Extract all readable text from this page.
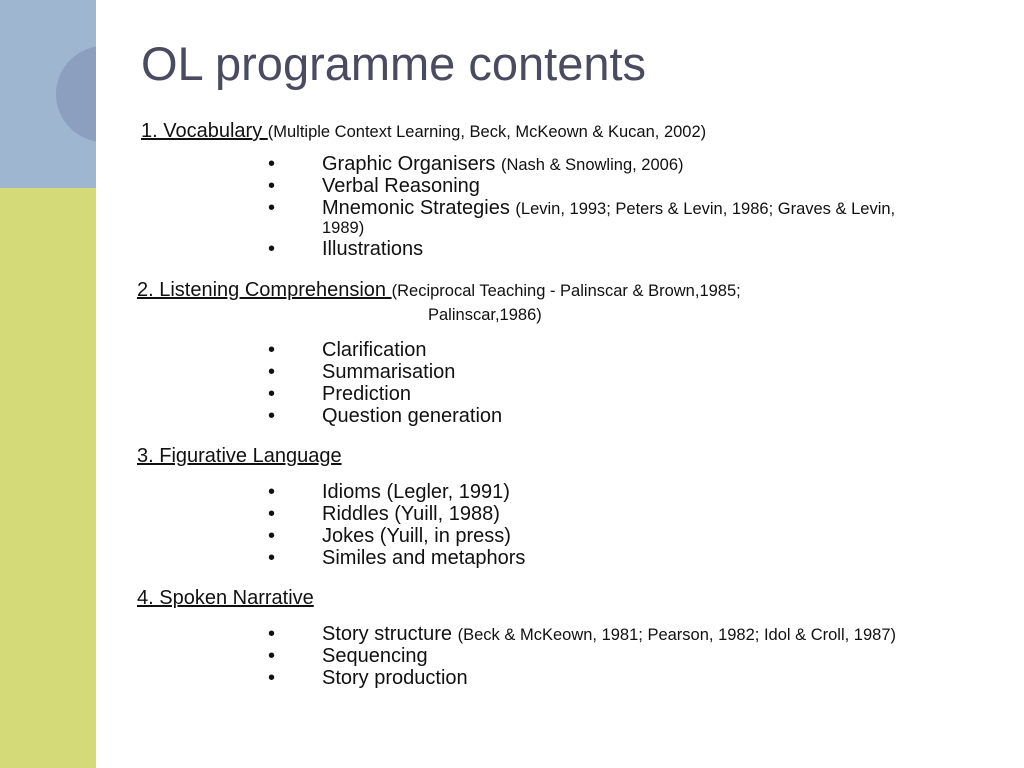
OL programme contents
1. Vocabulary (Multiple Context Learning, Beck, McKeown & Kucan, 2002)
•	Graphic Organisers (Nash & Snowling, 2006)
•	Verbal Reasoning
•	Mnemonic Strategies (Levin, 1993; Peters & Levin, 1986; Graves & Levin,
1989)
•	Illustrations
2. Listening Comprehension (Reciprocal Teaching - Palinscar & Brown,1985;
Palinscar,1986)
•	Clarification
•	Summarisation
•	Prediction
•	Question generation
3. Figurative Language
•	Idioms (Legler, 1991)
•	Riddles (Yuill, 1988)
•	Jokes (Yuill, in press)
•	Similes and metaphors
4. Spoken Narrative
•	Story structure (Beck & McKeown, 1981; Pearson, 1982; Idol & Croll, 1987)
•	Sequencing
•	Story production
